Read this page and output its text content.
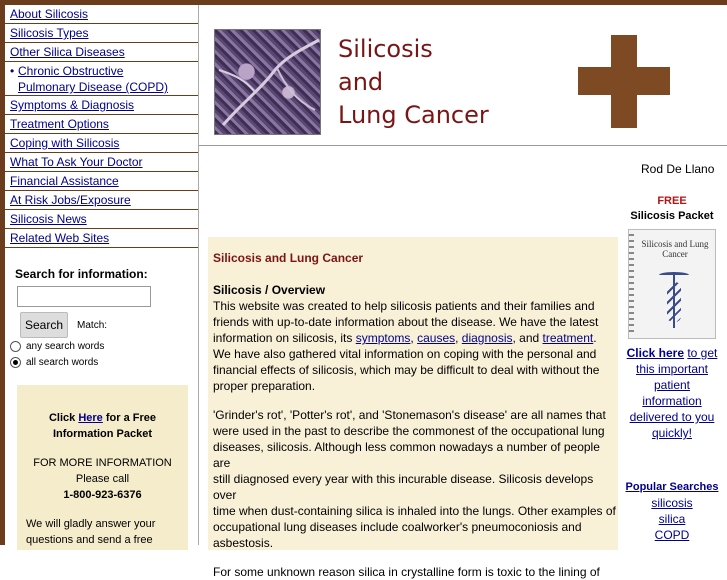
About Silicosis
Silicosis Types
Other Silica Diseases
• Chronic Obstructive
Pulmonary Disease (COPD)
Symptoms & Diagnosis
Treatment Options
Coping with Silicosis
What To Ask Your Doctor
Financial Assistance
At Risk Jobs/Exposure
Silicosis News
Related Web Sites
Search for information:
Search	Match:
any search words
all search words
Click Here for a Free
Information Packet
FOR MORE INFORMATION
Please call
1-800-923-6376
We will gladly answer your
questions and send a free
Silicosis
and
Lung Cancer
Rod De Llano
Silicosis and Lung Cancer
Silicosis / Overview
This website was created to help silicosis patients and their families and
friends with up-to-date information about the disease. We have the latest
information on silicosis, its symptoms, causes, diagnosis, and treatment.
We have also gathered vital information on coping with the personal and
financial effects of silicosis, which may be difficult to deal with without the
proper preparation.
'Grinder's rot', 'Potter's rot', and 'Stonemason's disease' are all names that
were used in the past to describe the commonest of the occupational lung
diseases, silicosis. Although less common nowadays a number of people are
still diagnosed every year with this incurable disease. Silicosis develops over
time when dust-containing silica is inhaled into the lungs. Other examples of
occupational lung diseases include coalworker's pneumoconiosis and
asbestosis.
For some unknown reason silica in crystalline form is toxic to the lining of
FREE
Silicosis Packet
Silicosis and Lung Cancer
Click here to get
this important
patient
information
delivered to you
quickly!
Popular Searches
silicosis
silica
COPD
